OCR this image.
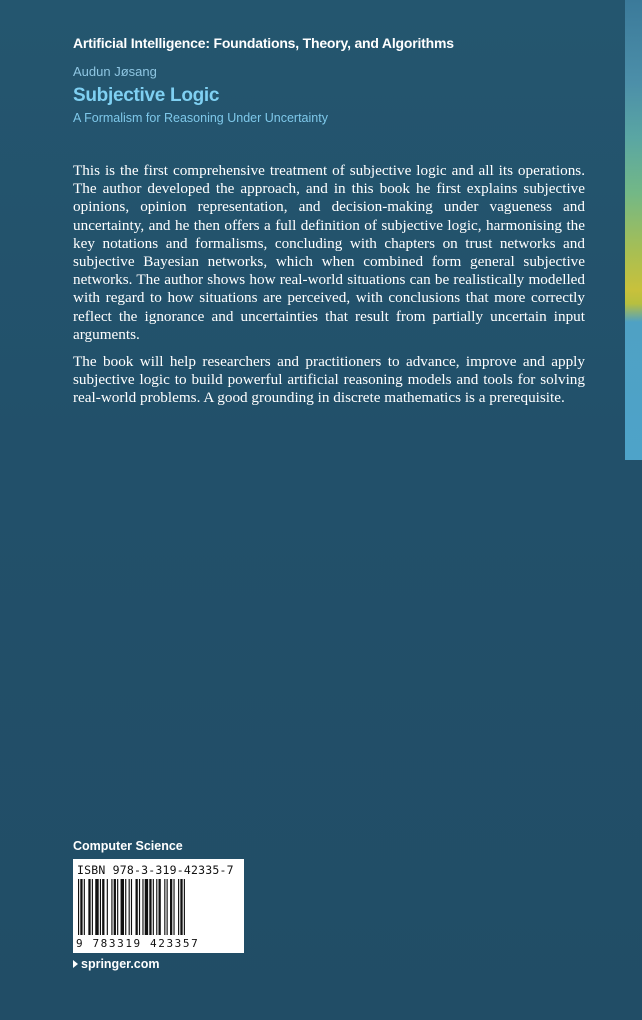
Artificial Intelligence: Foundations, Theory, and Algorithms
Audun Jøsang
Subjective Logic
A Formalism for Reasoning Under Uncertainty

This is the first comprehensive treatment of subjective logic and all its operations. The author developed the approach, and in this book he first explains subjective opinions, opinion representation, and decision-making under vagueness and uncertainty, and he then offers a full definition of subjective logic, harmonising the key notations and formalisms, concluding with chapters on trust networks and subjective Bayesian networks, which when combined form general subjective networks. The author shows how real-world situations can be realistically modelled with regard to how situations are perceived, with conclusions that more correctly reflect the ignorance and uncertainties that result from partially uncertain input arguments.

The book will help researchers and practitioners to advance, improve and apply subjective logic to build powerful artificial reasoning models and tools for solving real-world problems. A good grounding in discrete mathematics is a prerequisite.

Computer Science
ISBN 978-3-319-42335-7
9 783319 423357
springer.com
